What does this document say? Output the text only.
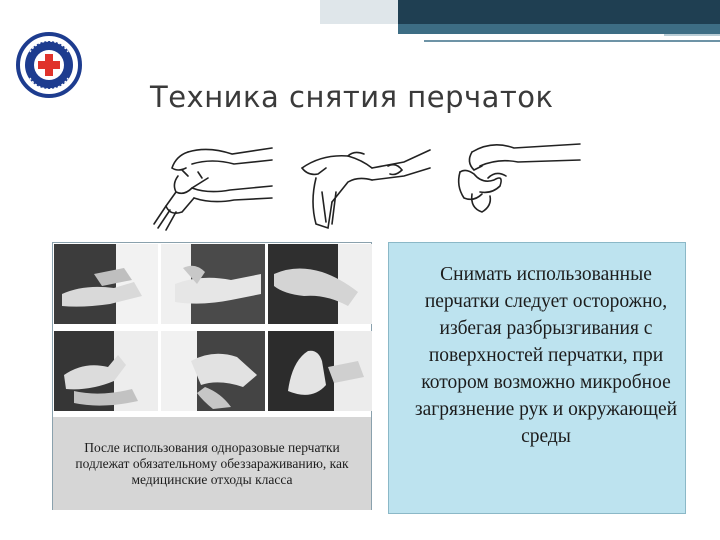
Техника снятия перчаток
После использования одноразовые перчатки подлежат обязательному обеззараживанию, как медицинские отходы класса

Снимать использованные перчатки следует осторожно, избегая разбрызгивания с поверхностей перчатки, при котором возможно микробное загрязнение рук и окружающей среды
